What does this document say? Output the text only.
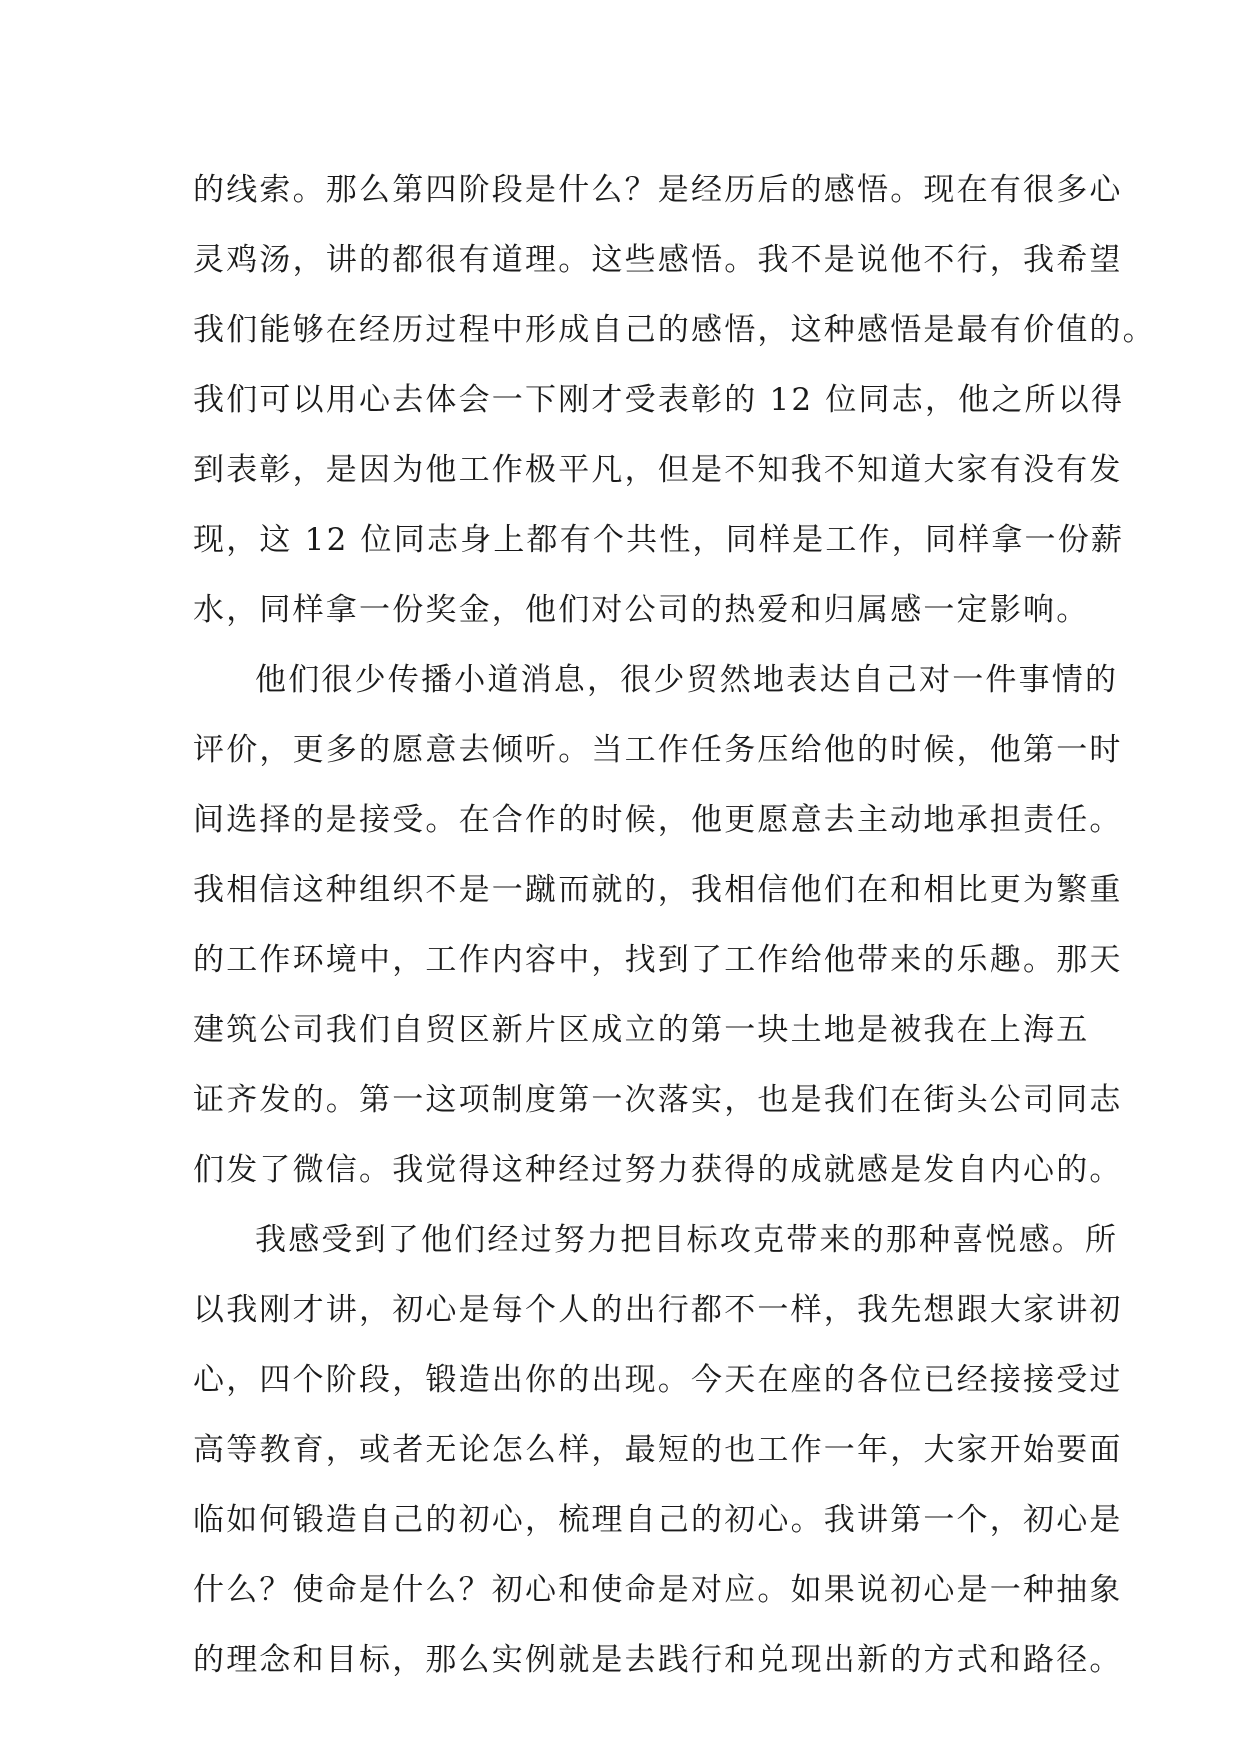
的线索。那么第四阶段是什么？是经历后的感悟。现在有很多心
灵鸡汤，讲的都很有道理。这些感悟。我不是说他不行，我希望
我们能够在经历过程中形成自己的感悟，这种感悟是最有价值的。
我们可以用心去体会一下刚才受表彰的 12 位同志，他之所以得
到表彰，是因为他工作极平凡，但是不知我不知道大家有没有发
现，这 12 位同志身上都有个共性，同样是工作，同样拿一份薪
水，同样拿一份奖金，他们对公司的热爱和归属感一定影响。
他们很少传播小道消息，很少贸然地表达自己对一件事情的
评价，更多的愿意去倾听。当工作任务压给他的时候，他第一时
间选择的是接受。在合作的时候，他更愿意去主动地承担责任。
我相信这种组织不是一蹴而就的，我相信他们在和相比更为繁重
的工作环境中，工作内容中，找到了工作给他带来的乐趣。那天
建筑公司我们自贸区新片区成立的第一块土地是被我在上海五
证齐发的。第一这项制度第一次落实，也是我们在街头公司同志
们发了微信。我觉得这种经过努力获得的成就感是发自内心的。
我感受到了他们经过努力把目标攻克带来的那种喜悦感。所
以我刚才讲，初心是每个人的出行都不一样，我先想跟大家讲初
心，四个阶段，锻造出你的出现。今天在座的各位已经接接受过
高等教育，或者无论怎么样，最短的也工作一年，大家开始要面
临如何锻造自己的初心，梳理自己的初心。我讲第一个，初心是
什么？使命是什么？初心和使命是对应。如果说初心是一种抽象
的理念和目标，那么实例就是去践行和兑现出新的方式和路径。
